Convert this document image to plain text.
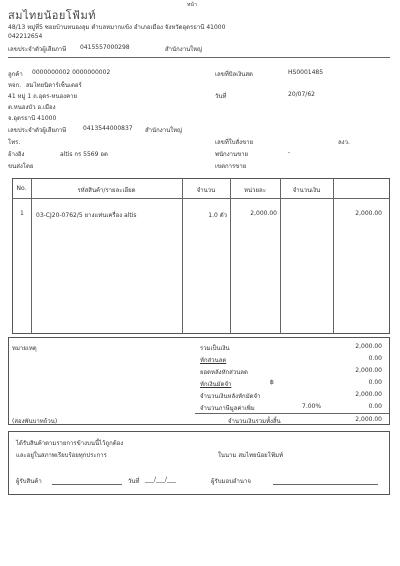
หน้า
สมไทยน้อยโฟ้มท์
48/13 หมู่ที่5 ซอยบ้านหนองลุม ตำบลหมากแข้ง อำเภอเมือง จังหวัดอุดรธานี 41000
042212654
เลขประจำตัวผู้เสียภาษี 0415557000298	สำนักงานใหญ่
ลูกค้า 0000000002 0000000002
หจก. สมไทยนิดาร์เซ็นเตอร์
41 หมู่ 1 ถ.อุดร-หนองคาย
ต.หนองบัว อ.เมือง
จ.อุดรธานี 41000
เลขประจำตัวผู้เสียภาษี	0413544000837 สำนักงานใหญ่
โทร.
อ้างอิง	altis กร 5569 อด
ขนส่งโดย
เลขที่บิลเงินสด	HS0001485
วันที่	20/07/62
เลขที่ใบสั่งขาย	ลงว.
พนักงานขาย	-
เขตการขาย
No.	รหัสสินค้า/รายละเอียด	จำนวน	หน่วยละ	จำนวนเงิน
1 03-CJ20-0762/5 ยางแท่นเครื่อง altis	1.0 ตัว	2,000.00	2,000.00
หมายเหตุ	รวมเป็นเงิน	2,000.00
หักส่วนลด	0.00
ยอดหลังหักส่วนลด	2,000.00
หักเงินมัดจำ	฿	0.00
จำนวนเงินหลังหักมัดจำ	2,000.00
จำนวนภาษีมูลค่าเพิ่ม	7.00%	0.00
(สองพันบาทถ้วน)	จำนวนเงินรวมทั้งสิ้น	2,000.00
ได้รับสินค้าตามรายการข้างบนนี้ไว้ถูกต้อง
และอยู่ในสภาพเรียบร้อยทุกประการ	ในนาม สมไทยน้อยโฟ้มท์
ผู้รับสินค้า	วันที่ ___/___/___	ผู้รับมอบอำนาจ
